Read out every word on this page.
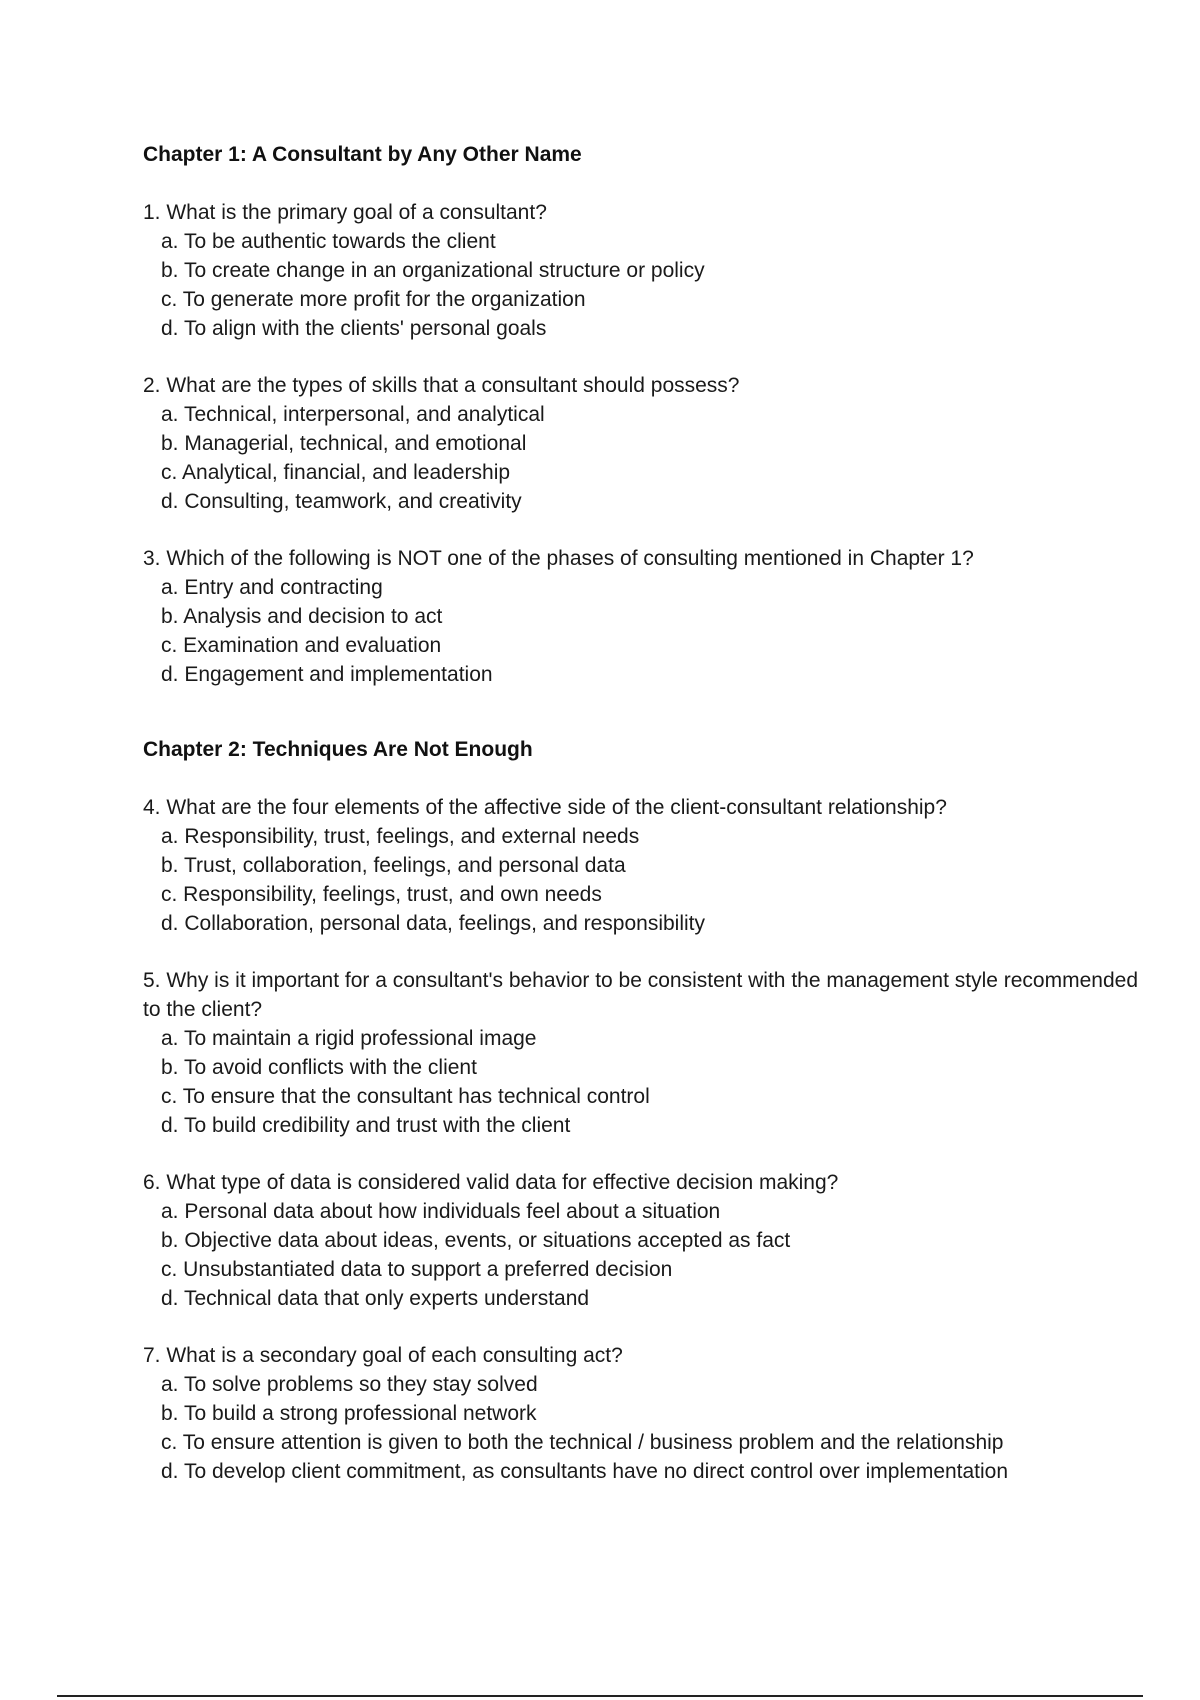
Chapter 1: A Consultant by Any Other Name

1. What is the primary goal of a consultant?

a. To be authentic towards the client
b. To create change in an organizational structure or policy
c. To generate more profit for the organization
d. To align with the clients' personal goals

2. What are the types of skills that a consultant should possess?

a. Technical, interpersonal, and analytical
b. Managerial, technical, and emotional
c. Analytical, financial, and leadership
d. Consulting, teamwork, and creativity

3. Which of the following is NOT one of the phases of consulting mentioned in Chapter 1?

a. Entry and contracting
b. Analysis and decision to act
c. Examination and evaluation
d. Engagement and implementation
Chapter 2: Techniques Are Not Enough

4. What are the four elements of the affective side of the client-consultant relationship?

a. Responsibility, trust, feelings, and external needs
b. Trust, collaboration, feelings, and personal data
c. Responsibility, feelings, trust, and own needs
d. Collaboration, personal data, feelings, and responsibility

5. Why is it important for a consultant's behavior to be consistent with the management style recommended to the client?

a. To maintain a rigid professional image
b. To avoid conflicts with the client
c. To ensure that the consultant has technical control
d. To build credibility and trust with the client

6. What type of data is considered valid data for effective decision making?

a. Personal data about how individuals feel about a situation
b. Objective data about ideas, events, or situations accepted as fact
c. Unsubstantiated data to support a preferred decision
d. Technical data that only experts understand

7. What is a secondary goal of each consulting act?

a. To solve problems so they stay solved
b. To build a strong professional network
c. To ensure attention is given to both the technical / business problem and the relationship
d. To develop client commitment, as consultants have no direct control over implementation
